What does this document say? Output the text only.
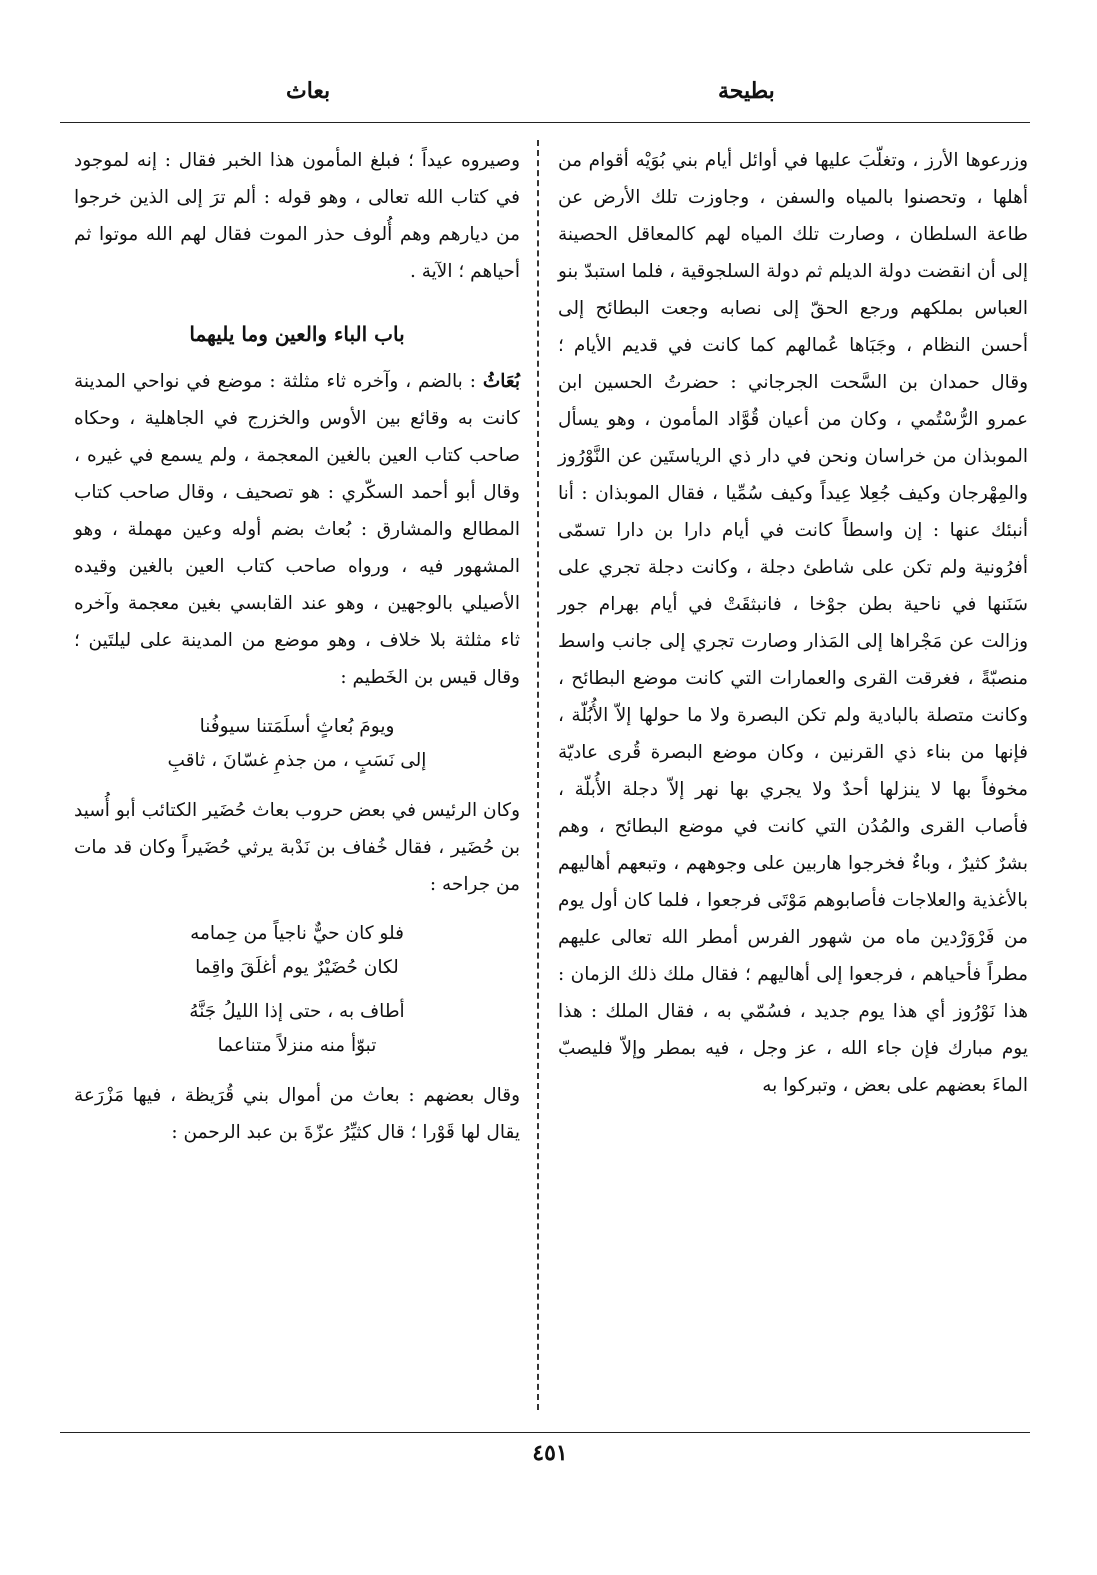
بطيحة
بعاث

وزرعوها الأرز ، وتغلّبَ عليها في أوائل أيام بني بُوَيْه أقوام من أهلها ، وتحصنوا بالمياه والسفن ، وجاوزت تلك الأرض عن طاعة السلطان ، وصارت تلك المياه لهم كالمعاقل الحصينة إلى أن انقضت دولة الديلم ثم دولة السلجوقية ، فلما استبدّ بنو العباس بملكهم ورجع الحقّ إلى نصابه وجعت البطائح إلى أحسن النظام ، وجَبَاها عُمالهم كما كانت في قديم الأيام ؛ وقال حمدان بن السَّحت الجرجاني : حضرتُ الحسين ابن عمرو الرُّسْتُمي ، وكان من أعيان قُوَّاد المأمون ، وهو يسأل الموبذان من خراسان ونحن في دار ذي الرياستَين عن النَّوْرُوز والمِهْرجان وكيف جُعِلا عِيداً وكيف سُمِّيا ، فقال الموبذان : أنا أنبئك عنها : إن واسطاً كانت في أيام دارا بن دارا تسمّى أفرُونية ولم تكن على شاطئ دجلة ، وكانت دجلة تجري على سَنَنها في ناحية بطن جوْخا ، فانبثقَتْ في أيام بهرام جور وزالت عن مَجْراها إلى المَذار وصارت تجري إلى جانب واسط منصبّةً ، فغرقت القرى والعمارات التي كانت موضع البطائح ، وكانت متصلة بالبادية ولم تكن البصرة ولا ما حولها إلاّ الأُبُلّة ، فإنها من بناء ذي القرنين ، وكان موضع البصرة قُرى عاديّة مخوفاً بها لا ينزلها أحدٌ ولا يجري بها نهر إلاّ دجلة الأُبلّة ، فأصاب القرى والمُدُن التي كانت في موضع البطائح ، وهم بشرٌ كثيرٌ ، وباءٌ فخرجوا هاربين على وجوههم ، وتبعهم أهاليهم بالأغذية والعلاجات فأصابوهم مَوْتَى فرجعوا ، فلما كان أول يوم من فَرْوَرْدين ماه من شهور الفرس أمطر الله تعالى عليهم مطراً فأحياهم ، فرجعوا إلى أهاليهم ؛ فقال ملك ذلك الزمان : هذا نَوْرُوز أي هذا يوم جديد ، فسُمّي به ، فقال الملك : هذا يوم مبارك فإن جاء الله ، عز وجل ، فيه بمطر وإلاّ فليصبّ الماءَ بعضهم على بعض ، وتبركوا به

وصيروه عيداً ؛ فبلغ المأمون هذا الخبر فقال : إنه لموجود في كتاب الله تعالى ، وهو قوله : ألم ترَ إلى الذين خرجوا من ديارهم وهم أُلوف حذر الموت فقال لهم الله موتوا ثم أحياهم ؛ الآية .

باب الباء والعين وما يليهما

بُعَاثُ : بالضم ، وآخره ثاء مثلثة : موضع في نواحي المدينة كانت به وقائع بين الأوس والخزرج في الجاهلية ، وحكاه صاحب كتاب العين بالغين المعجمة ، ولم يسمع في غيره ، وقال أبو أحمد السكّري : هو تصحيف ، وقال صاحب كتاب المطالع والمشارق : بُعاث بضم أوله وعين مهملة ، وهو المشهور فيه ، ورواه صاحب كتاب العين بالغين وقيده الأصيلي بالوجهين ، وهو عند القابسي بغين معجمة وآخره ثاء مثلثة بلا خلاف ، وهو موضع من المدينة على ليلتَين ؛ وقال قيس بن الخَطيم :

ويومَ بُعاثٍ أسلَمَتنا سيوفُنا
إلى نَسَبٍ ، من جذمِ غسّانَ ، ثاقبِ

وكان الرئيس في بعض حروب بعاث حُضَير الكتائب أبو أُسيد بن حُضَير ، فقال خُفاف بن نَدْبة يرثي حُضَيراً وكان قد مات من جراحه :

فلو كان حيٌّ ناجياً من حِمامه
لكان حُضَيْرٌ يوم أغلَقَ واقِما
أطاف به ، حتى إذا الليلُ جَنَّهُ
تبوّأ منه منزلاً متناعما

وقال بعضهم : بعاث من أموال بني قُرَيظة ، فيها مَزْرَعة يقال لها قَوْرا ؛ قال كثيِّرُ عزّةَ بن عبد الرحمن :

٤٥١
